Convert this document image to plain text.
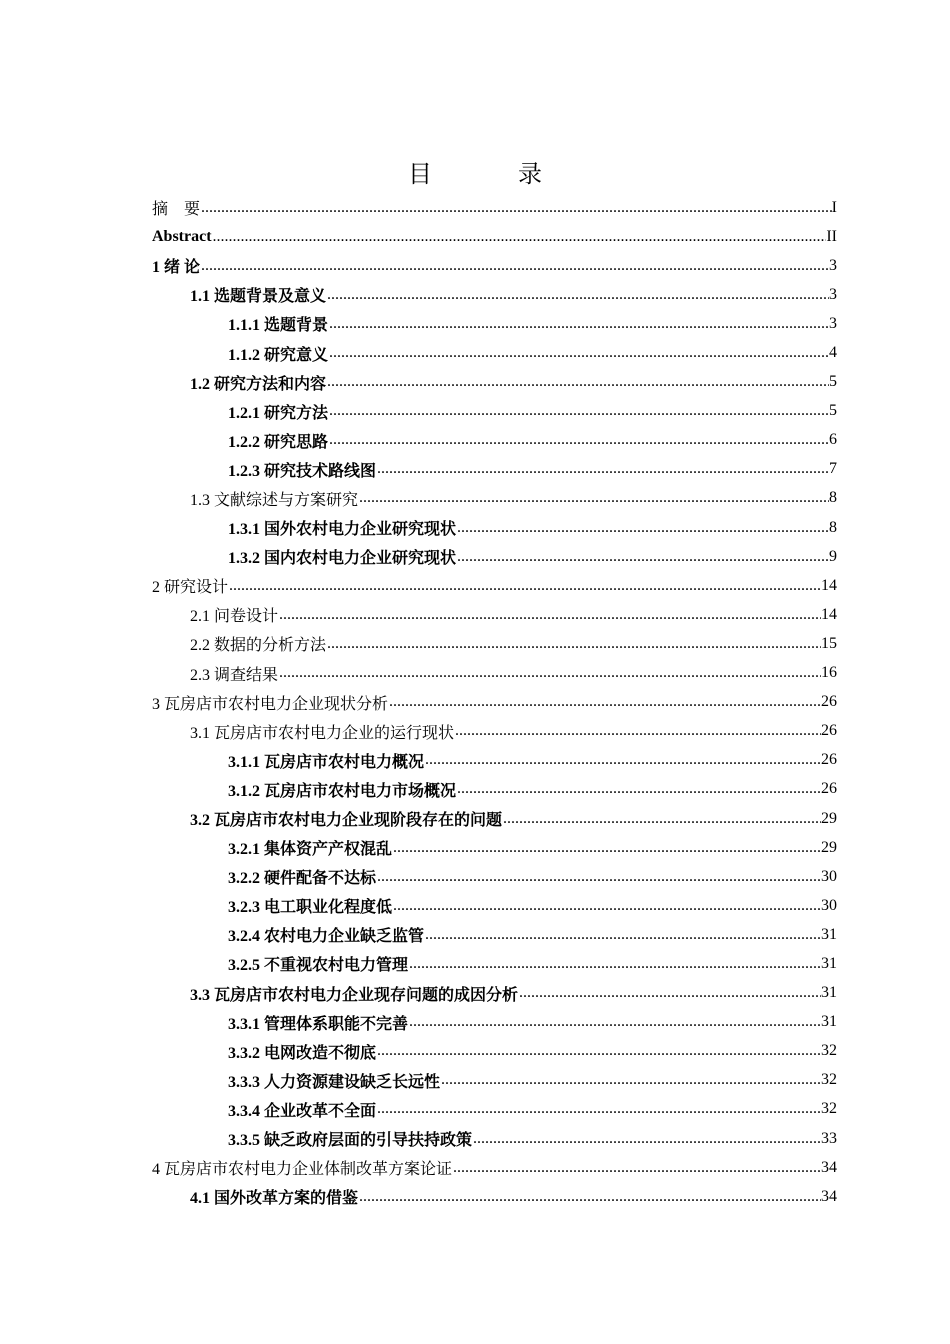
目 录
摘　要 .....	I
Abstract .....	II
1 绪 论 .....	3
1.1 选题背景及意义 .....	3
1.1.1 选题背景 .....	3
1.1.2 研究意义 .....	4
1.2 研究方法和内容 .....	5
1.2.1 研究方法 .....	5
1.2.2 研究思路 .....	6
1.2.3 研究技术路线图 .....	7
1.3 文献综述与方案研究 .....	8
1.3.1 国外农村电力企业研究现状 .....	8
1.3.2 国内农村电力企业研究现状 .....	9
2 研究设计 .....	14
2.1 问卷设计 .....	14
2.2 数据的分析方法 .....	15
2.3 调查结果 .....	16
3 瓦房店市农村电力企业现状分析 .....	26
3.1 瓦房店市农村电力企业的运行现状 .....	26
3.1.1 瓦房店市农村电力概况 .....	26
3.1.2 瓦房店市农村电力市场概况 .....	26
3.2 瓦房店市农村电力企业现阶段存在的问题 .....	29
3.2.1 集体资产产权混乱 .....	29
3.2.2 硬件配备不达标 .....	30
3.2.3 电工职业化程度低 .....	30
3.2.4 农村电力企业缺乏监管 .....	31
3.2.5 不重视农村电力管理 .....	31
3.3 瓦房店市农村电力企业现存问题的成因分析 .....	31
3.3.1 管理体系职能不完善 .....	31
3.3.2 电网改造不彻底 .....	32
3.3.3 人力资源建设缺乏长远性 .....	32
3.3.4 企业改革不全面 .....	32
3.3.5 缺乏政府层面的引导扶持政策 .....	33
4 瓦房店市农村电力企业体制改革方案论证 .....	34
4.1 国外改革方案的借鉴 .....	34
